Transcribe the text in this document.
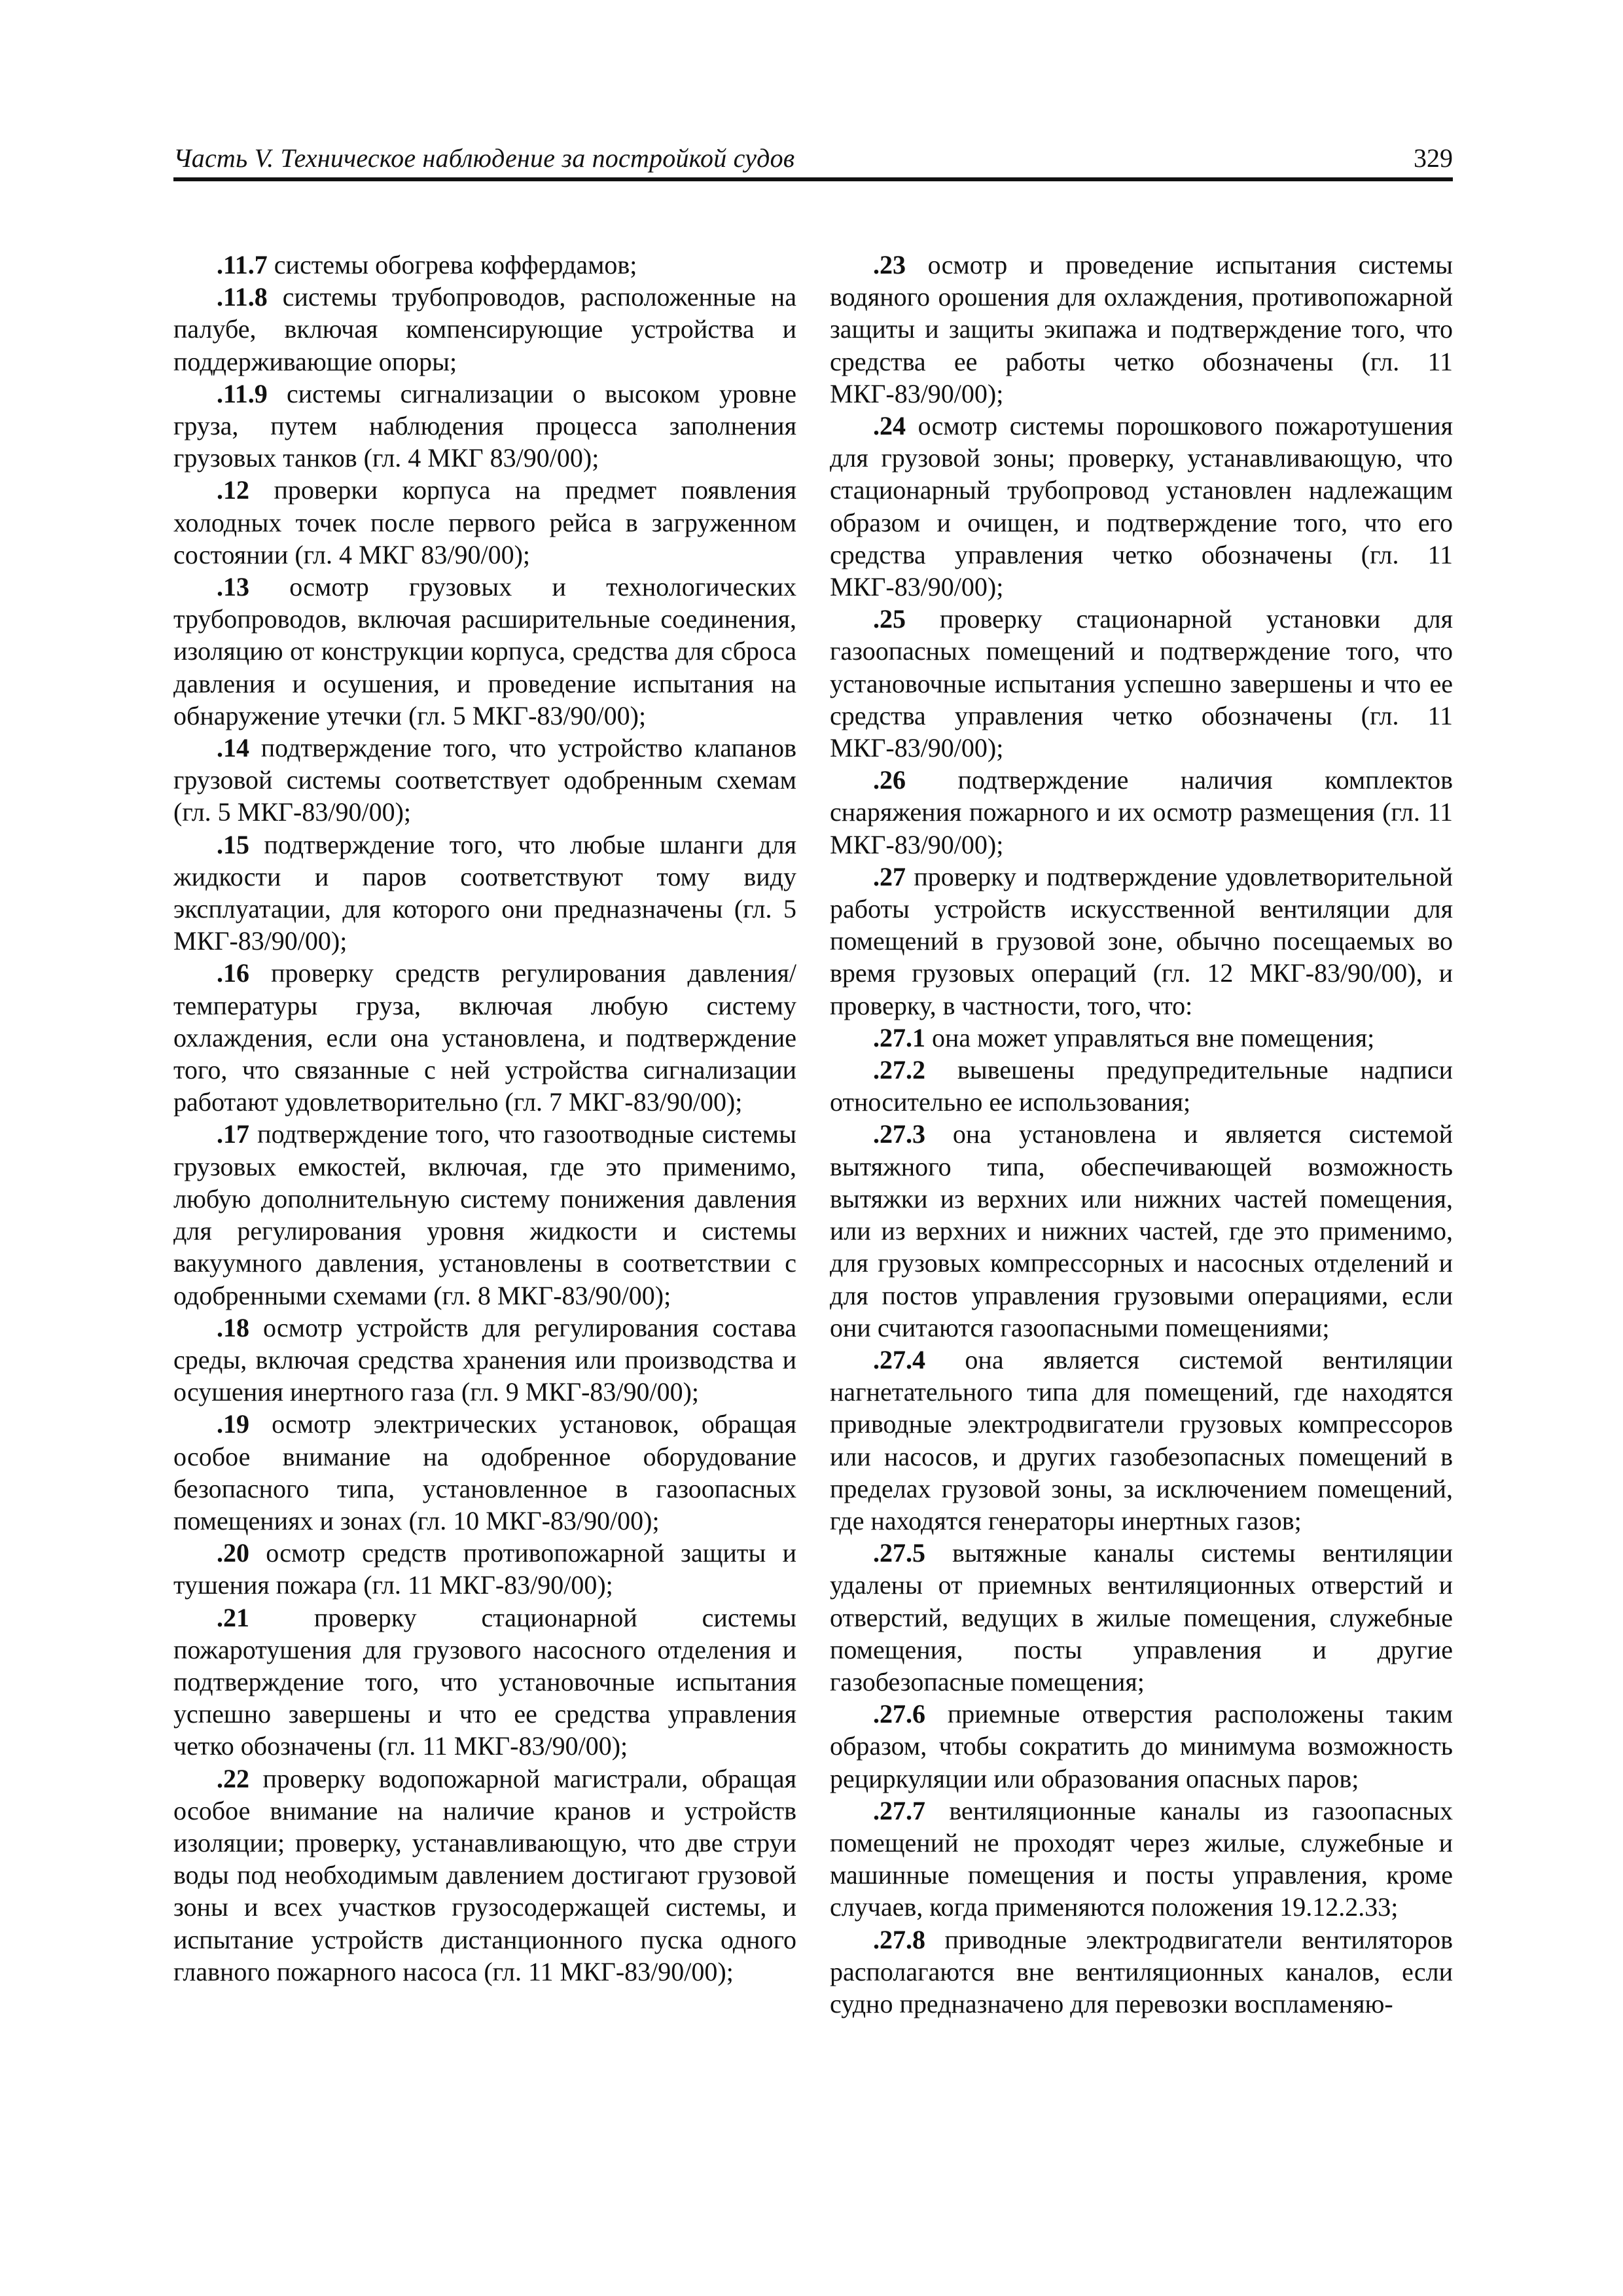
Часть V. Техническое наблюдение за постройкой судов	329

.11.7 системы обогрева коффердамов;

.11.8 системы трубопроводов, расположенные на палубе, включая компенсирующие устройства и поддерживающие опоры;

.11.9 системы сигнализации о высоком уровне груза, путем наблюдения процесса заполнения грузовых танков (гл. 4 МКГ 83/90/00);

.12 проверки корпуса на предмет появления холодных точек после первого рейса в загруженном состоянии (гл. 4 МКГ 83/90/00);

.13 осмотр грузовых и технологических трубопроводов, включая расширительные соединения, изоляцию от конструкции корпуса, средства для сброса давления и осушения, и проведение испытания на обнаружение утечки (гл. 5 МКГ-83/90/00);

.14 подтверждение того, что устройство клапанов грузовой системы соответствует одобренным схемам (гл. 5 МКГ-83/90/00);

.15 подтверждение того, что любые шланги для жидкости и паров соответствуют тому виду эксплуатации, для которого они предназначены (гл. 5 МКГ-83/90/00);

.16 проверку средств регулирования давления/температуры груза, включая любую систему охлаждения, если она установлена, и подтверждение того, что связанные с ней устройства сигнализации работают удовлетворительно (гл. 7 МКГ-83/90/00);

.17 подтверждение того, что газоотводные системы грузовых емкостей, включая, где это применимо, любую дополнительную систему понижения давления для регулирования уровня жидкости и системы вакуумного давления, установлены в соответствии с одобренными схемами (гл. 8 МКГ-83/90/00);

.18 осмотр устройств для регулирования состава среды, включая средства хранения или производства и осушения инертного газа (гл. 9 МКГ-83/90/00);

.19 осмотр электрических установок, обращая особое внимание на одобренное оборудование безопасного типа, установленное в газоопасных помещениях и зонах (гл. 10 МКГ-83/90/00);

.20 осмотр средств противопожарной защиты и тушения пожара (гл. 11 МКГ-83/90/00);

.21 проверку стационарной системы пожаротушения для грузового насосного отделения и подтверждение того, что установочные испытания успешно завершены и что ее средства управления четко обозначены (гл. 11 МКГ-83/90/00);

.22 проверку водопожарной магистрали, обращая особое внимание на наличие кранов и устройств изоляции; проверку, устанавливающую, что две струи воды под необходимым давлением достигают грузовой зоны и всех участков грузосодержащей системы, и испытание устройств дистанционного пуска одного главного пожарного насоса (гл. 11 МКГ-83/90/00);

.23 осмотр и проведение испытания системы водяного орошения для охлаждения, противопожарной защиты и защиты экипажа и подтверждение того, что средства ее работы четко обозначены (гл. 11 МКГ-83/90/00);

.24 осмотр системы порошкового пожаротушения для грузовой зоны; проверку, устанавливающую, что стационарный трубопровод установлен надлежащим образом и очищен, и подтверждение того, что его средства управления четко обозначены (гл. 11 МКГ-83/90/00);

.25 проверку стационарной установки для газоопасных помещений и подтверждение того, что установочные испытания успешно завершены и что ее средства управления четко обозначены (гл. 11 МКГ-83/90/00);

.26 подтверждение наличия комплектов снаряжения пожарного и их осмотр размещения (гл. 11 МКГ-83/90/00);

.27 проверку и подтверждение удовлетворительной работы устройств искусственной вентиляции для помещений в грузовой зоне, обычно посещаемых во время грузовых операций (гл. 12 МКГ-83/90/00), и проверку, в частности, того, что:

.27.1 она может управляться вне помещения;

.27.2 вывешены предупредительные надписи относительно ее использования;

.27.3 она установлена и является системой вытяжного типа, обеспечивающей возможность вытяжки из верхних или нижних частей помещения, или из верхних и нижних частей, где это применимо, для грузовых компрессорных и насосных отделений и для постов управления грузовыми операциями, если они считаются газоопасными помещениями;

.27.4 она является системой вентиляции нагнетательного типа для помещений, где находятся приводные электродвигатели грузовых компрессоров или насосов, и других газобезопасных помещений в пределах грузовой зоны, за исключением помещений, где находятся генераторы инертных газов;

.27.5 вытяжные каналы системы вентиляции удалены от приемных вентиляционных отверстий и отверстий, ведущих в жилые помещения, служебные помещения, посты управления и другие газобезопасные помещения;

.27.6 приемные отверстия расположены таким образом, чтобы сократить до минимума возможность рециркуляции или образования опасных паров;

.27.7 вентиляционные каналы из газоопасных помещений не проходят через жилые, служебные и машинные помещения и посты управления, кроме случаев, когда применяются положения 19.12.2.33;

.27.8 приводные электродвигатели вентиляторов располагаются вне вентиляционных каналов, если судно предназначено для перевозки воспламеняю-
